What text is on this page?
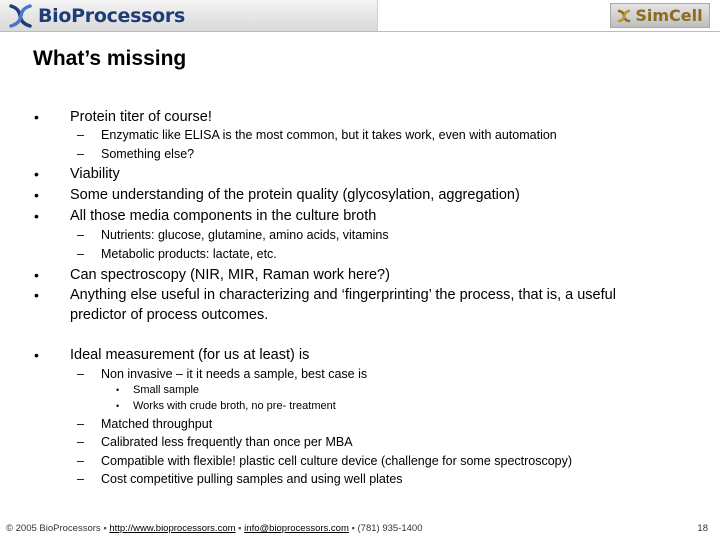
BioProcessors	SimCell
What’s missing
• Protein titer of course!
– Enzymatic like ELISA is the most common, but it takes work, even with automation
– Something else?
• Viability
• Some understanding of the protein quality (glycosylation, aggregation)
• All those media components in the culture broth
– Nutrients: glucose, glutamine, amino acids, vitamins
– Metabolic products: lactate, etc.
• Can spectroscopy (NIR, MIR, Raman work here?)
• Anything else useful in characterizing and ‘fingerprinting’ the process, that is, a useful predictor of process outcomes.
• Ideal measurement (for us at least) is
– Non invasive – it it needs a sample, best case is
• Small sample
• Works with crude broth, no pre- treatment
– Matched throughput
– Calibrated less frequently than once per MBA
– Compatible with flexible! plastic cell culture device (challenge for some spectroscopy)
– Cost competitive pulling samples and using well plates
© 2005 BioProcessors ▪ http://www.bioprocessors.com ▪ info@bioprocessors.com ▪ (781) 935-1400	18
